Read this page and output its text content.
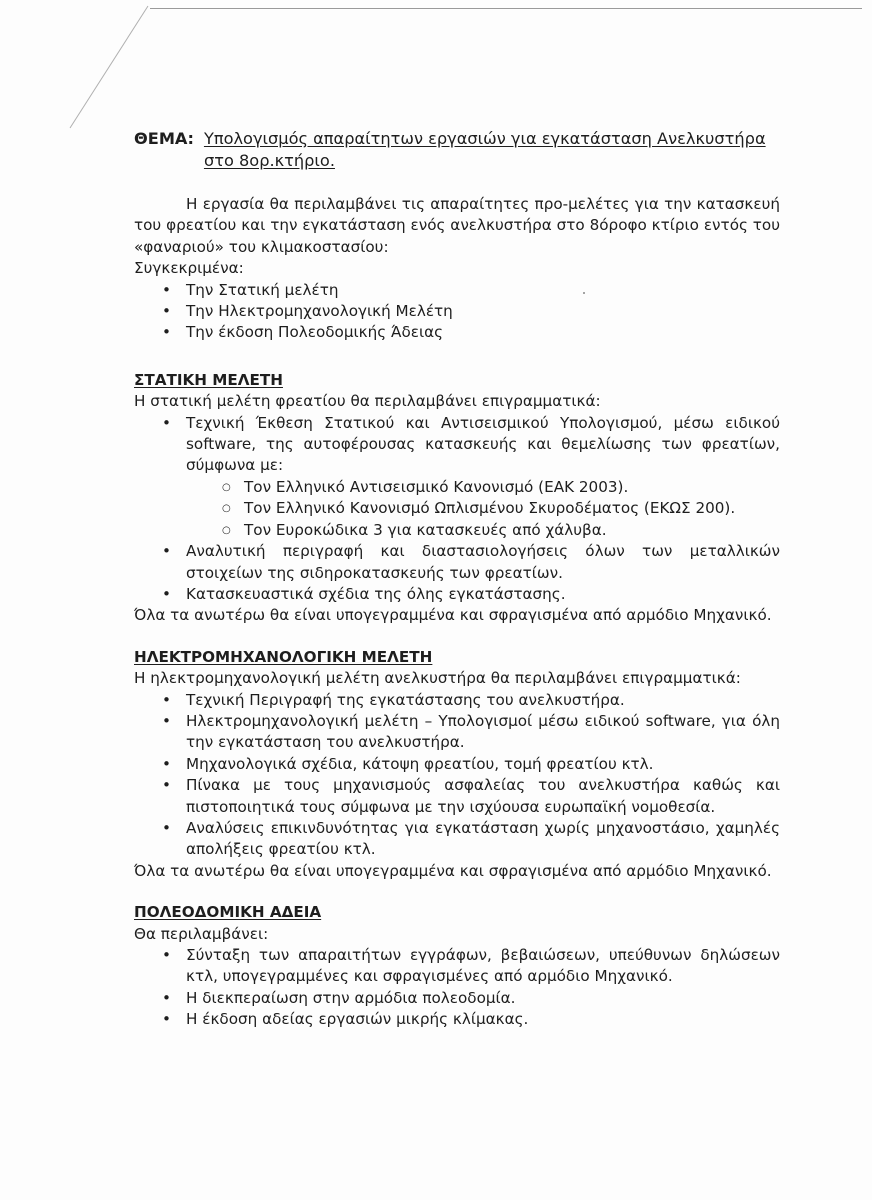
ΘΕΜΑ: Υπολογισμός απαραίτητων εργασιών για εγκατάσταση Ανελκυστήρα στο 8ορ.κτήριο.

Η εργασία θα περιλαμβάνει τις απαραίτητες προ-μελέτες για την κατασκευή του φρεατίου και την εγκατάσταση ενός ανελκυστήρα στο 8όροφο κτίριο εντός του «φαναριού» του κλιμακοστασίου:

Συγκεκριμένα:

• Την Στατική μελέτη
• Την Ηλεκτρομηχανολογική Μελέτη
• Την έκδοση Πολεοδομικής Άδειας
ΣΤΑΤΙΚΗ ΜΕΛΕΤΗ

Η στατική μελέτη φρεατίου θα περιλαμβάνει επιγραμματικά:

• Τεχνική Έκθεση Στατικού και Αντισεισμικού Υπολογισμού, μέσω ειδικού software, της αυτοφέρουσας κατασκευής και θεμελίωσης των φρεατίων, σύμφωνα με:
○ Τον Ελληνικό Αντισεισμικό Κανονισμό (ΕΑΚ 2003).
○ Τον Ελληνικό Κανονισμό Ωπλισμένου Σκυροδέματος (ΕΚΩΣ 200).
○ Τον Ευροκώδικα 3 για κατασκευές από χάλυβα.
• Αναλυτική περιγραφή και διαστασιολογήσεις όλων των μεταλλικών στοιχείων της σιδηροκατασκευής των φρεατίων.
• Κατασκευαστικά σχέδια της όλης εγκατάστασης.

Όλα τα ανωτέρω θα είναι υπογεγραμμένα και σφραγισμένα από αρμόδιο Μηχανικό.

ΗΛΕΚΤΡΟΜΗΧΑΝΟΛΟΓΙΚΗ ΜΕΛΕΤΗ

Η ηλεκτρομηχανολογική μελέτη ανελκυστήρα θα περιλαμβάνει επιγραμματικά:

• Τεχνική Περιγραφή της εγκατάστασης του ανελκυστήρα.
• Ηλεκτρομηχανολογική μελέτη – Υπολογισμοί μέσω ειδικού software, για όλη την εγκατάσταση του ανελκυστήρα.
• Μηχανολογικά σχέδια, κάτοψη φρεατίου, τομή φρεατίου κτλ.
• Πίνακα με τους μηχανισμούς ασφαλείας του ανελκυστήρα καθώς και πιστοποιητικά τους σύμφωνα με την ισχύουσα ευρωπαϊκή νομοθεσία.
• Αναλύσεις επικινδυνότητας για εγκατάσταση χωρίς μηχανοστάσιο, χαμηλές απολήξεις φρεατίου κτλ.

Όλα τα ανωτέρω θα είναι υπογεγραμμένα και σφραγισμένα από αρμόδιο Μηχανικό.

ΠΟΛΕΟΔΟΜΙΚΗ ΑΔΕΙΑ

Θα περιλαμβάνει:

• Σύνταξη των απαραιτήτων εγγράφων, βεβαιώσεων, υπεύθυνων δηλώσεων κτλ, υπογεγραμμένες και σφραγισμένες από αρμόδιο Μηχανικό.
• Η διεκπεραίωση στην αρμόδια πολεοδομία.
• Η έκδοση αδείας εργασιών μικρής κλίμακας.
